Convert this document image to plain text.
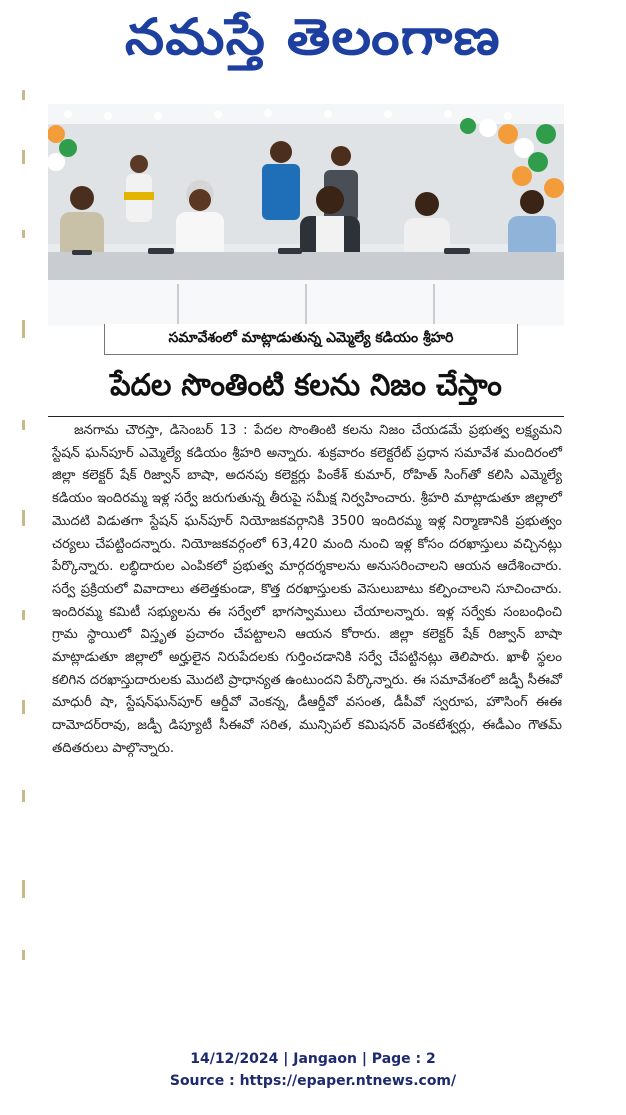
నమస్తే తెలంగాణ
సమావేశంలో మాట్లాడుతున్న ఎమ్మెల్యే కడియం శ్రీహరి
పేదల సొంతింటి కలను నిజం చేస్తాం
జనగామ చౌరస్తా, డిసెంబర్ 13 : పేదల సొంతింటి కలను నిజం చేయడమే ప్రభుత్వ లక్ష్యమని స్టేషన్ ఘన్‌పూర్ ఎమ్మెల్యే కడియం శ్రీహరి అన్నారు. శుక్రవారం కలెక్టరేట్ ప్రధాన సమావేశ మందిరంలో జిల్లా కలెక్టర్ షేక్ రిజ్వాన్ బాషా, అదనపు కలెక్టర్లు పింకేశ్ కుమార్, రోహిత్ సింగ్‌తో కలిసి ఎమ్మెల్యే కడియం ఇందిరమ్మ ఇళ్ల సర్వే జరుగుతున్న తీరుపై సమీక్ష నిర్వహించారు. శ్రీహరి మాట్లాడుతూ జిల్లాలో మొదటి విడుతగా స్టేషన్ ఘన్‌పూర్ నియోజకవర్గానికి 3500 ఇందిరమ్మ ఇళ్ల నిర్మాణానికి ప్రభుత్వం చర్యలు చేపట్టిందన్నారు. నియోజకవర్గంలో 63,420 మంది నుంచి ఇళ్ల కోసం దరఖాస్తులు వచ్చినట్లు పేర్కొన్నారు. లబ్ధిదారుల ఎంపికలో ప్రభుత్వ మార్గదర్శకాలను అనుసరించాలని ఆయన ఆదేశించారు. సర్వే ప్రక్రియలో వివాదాలు తలెత్తకుండా, కొత్త దరఖాస్తులకు వెసులుబాటు కల్పించాలని సూచించారు. ఇందిరమ్మ కమిటీ సభ్యులను ఈ సర్వేలో భాగస్వాములు చేయాలన్నారు. ఇళ్ల సర్వేకు సంబంధించి గ్రామ స్థాయిలో విస్తృత ప్రచారం చేపట్టాలని ఆయన కోరారు. జిల్లా కలెక్టర్ షేక్ రిజ్వాన్ బాషా మాట్లాడుతూ జిల్లాలో అర్హులైన నిరుపేదలకు గుర్తించడానికి సర్వే చేపట్టినట్లు తెలిపారు. ఖాళీ స్థలం కలిగిన దరఖాస్తుదారులకు మొదటి ప్రాధాన్యత ఉంటుందని పేర్కొన్నారు. ఈ సమావేశంలో జడ్పీ సీఈవో మాధురీ షా, స్టేషన్‌ఘన్‌పూర్ ఆర్డీవో వెంకన్న, డీఆర్డీవో వసంత, డీపీవో స్వరూప, హౌసింగ్ ఈఈ దామోదర్‌రావు, జడ్పీ డిప్యూటీ సీఈవో సరిత, మున్సిపల్ కమిషనర్ వెంకటేశ్వర్లు, ఈడీఎం గౌతమ్ తదితరులు పాల్గొన్నారు.
14/12/2024 | Jangaon | Page : 2
Source : https://epaper.ntnews.com/
